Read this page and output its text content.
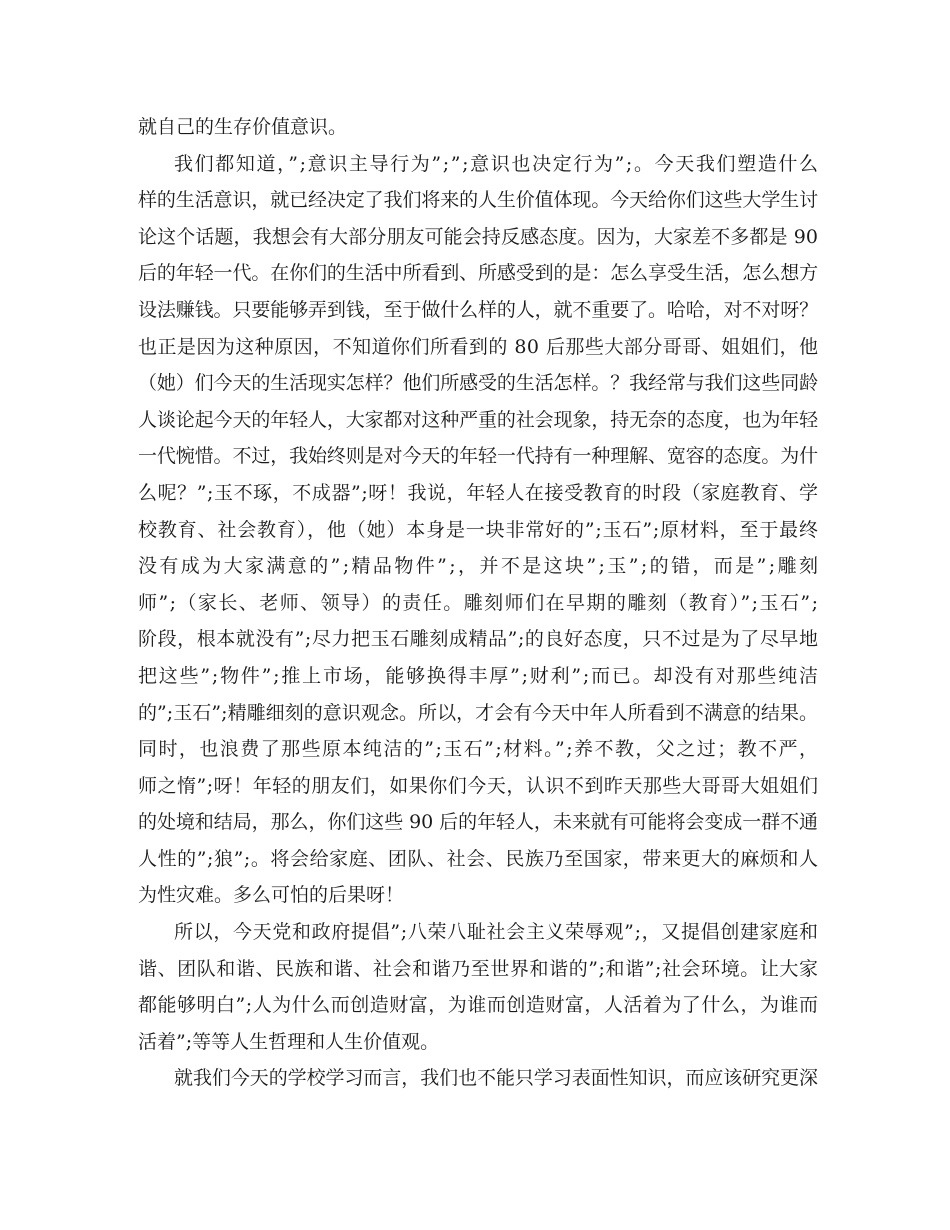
就自己的生存价值意识。
我们都知道，”;意识主导行为”;”;意识也决定行为”;。今天我们塑造什么
样的生活意识，就已经决定了我们将来的人生价值体现。今天给你们这些大学生讨
论这个话题，我想会有大部分朋友可能会持反感态度。因为，大家差不多都是 90
后的年轻一代。在你们的生活中所看到、所感受到的是：怎么享受生活，怎么想方
设法赚钱。只要能够弄到钱，至于做什么样的人，就不重要了。哈哈，对不对呀？
也正是因为这种原因，不知道你们所看到的 80 后那些大部分哥哥、姐姐们，他
（她）们今天的生活现实怎样？他们所感受的生活怎样。？我经常与我们这些同龄
人谈论起今天的年轻人，大家都对这种严重的社会现象，持无奈的态度，也为年轻
一代惋惜。不过，我始终则是对今天的年轻一代持有一种理解、宽容的态度。为什
么呢？”;玉不琢，不成器”;呀！我说，年轻人在接受教育的时段（家庭教育、学
校教育、社会教育），他（她）本身是一块非常好的”;玉石”;原材料，至于最终
没有成为大家满意的”;精品物件”;，并不是这块”;玉”;的错，而是”;雕刻
师”;（家长、老师、领导）的责任。雕刻师们在早期的雕刻（教育）”;玉石”;
阶段，根本就没有”;尽力把玉石雕刻成精品”;的良好态度，只不过是为了尽早地
把这些”;物件”;推上市场，能够换得丰厚”;财利”;而已。却没有对那些纯洁
的”;玉石”;精雕细刻的意识观念。所以，才会有今天中年人所看到不满意的结果。
同时，也浪费了那些原本纯洁的”;玉石”;材料。”;养不教，父之过；教不严，
师之惰”;呀！年轻的朋友们，如果你们今天，认识不到昨天那些大哥哥大姐姐们
的处境和结局，那么，你们这些 90 后的年轻人，未来就有可能将会变成一群不通
人性的”;狼”;。将会给家庭、团队、社会、民族乃至国家，带来更大的麻烦和人
为性灾难。多么可怕的后果呀！
所以，今天党和政府提倡”;八荣八耻社会主义荣辱观”;，又提倡创建家庭和
谐、团队和谐、民族和谐、社会和谐乃至世界和谐的”;和谐”;社会环境。让大家
都能够明白”;人为什么而创造财富，为谁而创造财富，人活着为了什么，为谁而
活着”;等等人生哲理和人生价值观。
就我们今天的学校学习而言，我们也不能只学习表面性知识，而应该研究更深
